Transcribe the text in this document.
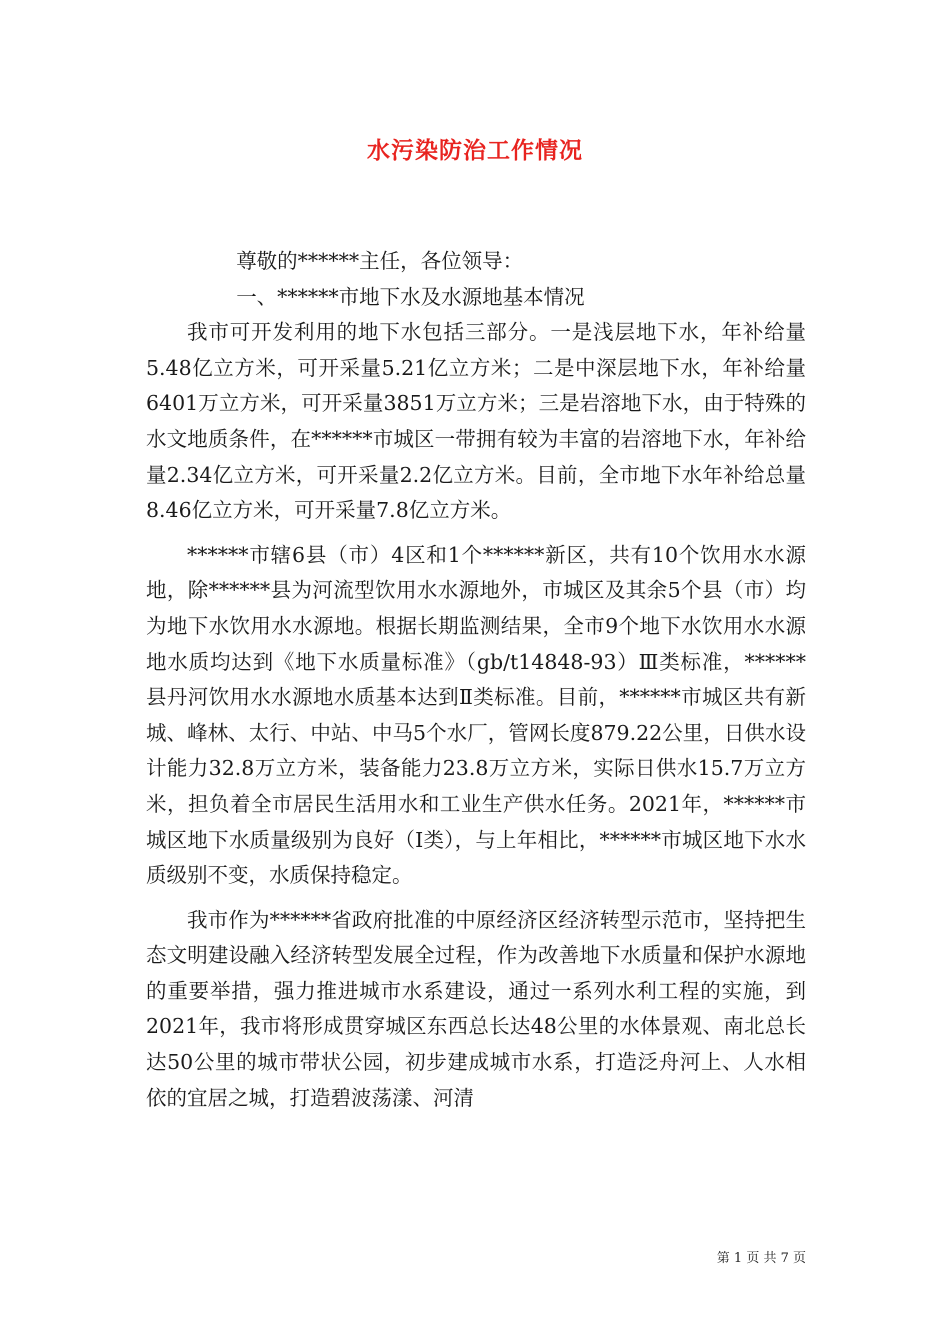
水污染防治工作情况

尊敬的******主任，各位领导：

一、******市地下水及水源地基本情况

我市可开发利用的地下水包括三部分。一是浅层地下水，年补给量5.48亿立方米，可开采量5.21亿立方米；二是中深层地下水，年补给量6401万立方米，可开采量3851万立方米；三是岩溶地下水，由于特殊的水文地质条件，在******市城区一带拥有较为丰富的岩溶地下水，年补给量2.34亿立方米，可开采量2.2亿立方米。目前，全市地下水年补给总量8.46亿立方米，可开采量7.8亿立方米。

******市辖6县（市）4区和1个******新区，共有10个饮用水水源地，除******县为河流型饮用水水源地外，市城区及其余5个县（市）均为地下水饮用水水源地。根据长期监测结果，全市9个地下水饮用水水源地水质均达到《地下水质量标准》（gb/t14848-93）Ⅲ类标准，******县丹河饮用水水源地水质基本达到Ⅱ类标准。目前，******市城区共有新城、峰林、太行、中站、中马5个水厂，管网长度879.22公里，日供水设计能力32.8万立方米，装备能力23.8万立方米，实际日供水15.7万立方米，担负着全市居民生活用水和工业生产供水任务。2021年，******市城区地下水质量级别为良好（Ⅰ类），与上年相比，******市城区地下水水质级别不变，水质保持稳定。

我市作为******省政府批准的中原经济区经济转型示范市，坚持把生态文明建设融入经济转型发展全过程，作为改善地下水质量和保护水源地的重要举措，强力推进城市水系建设，通过一系列水利工程的实施，到2021年，我市将形成贯穿城区东西总长达48公里的水体景观、南北总长达50公里的城市带状公园，初步建成城市水系，打造泛舟河上、人水相依的宜居之城，打造碧波荡漾、河清

第 1 页 共 7 页
